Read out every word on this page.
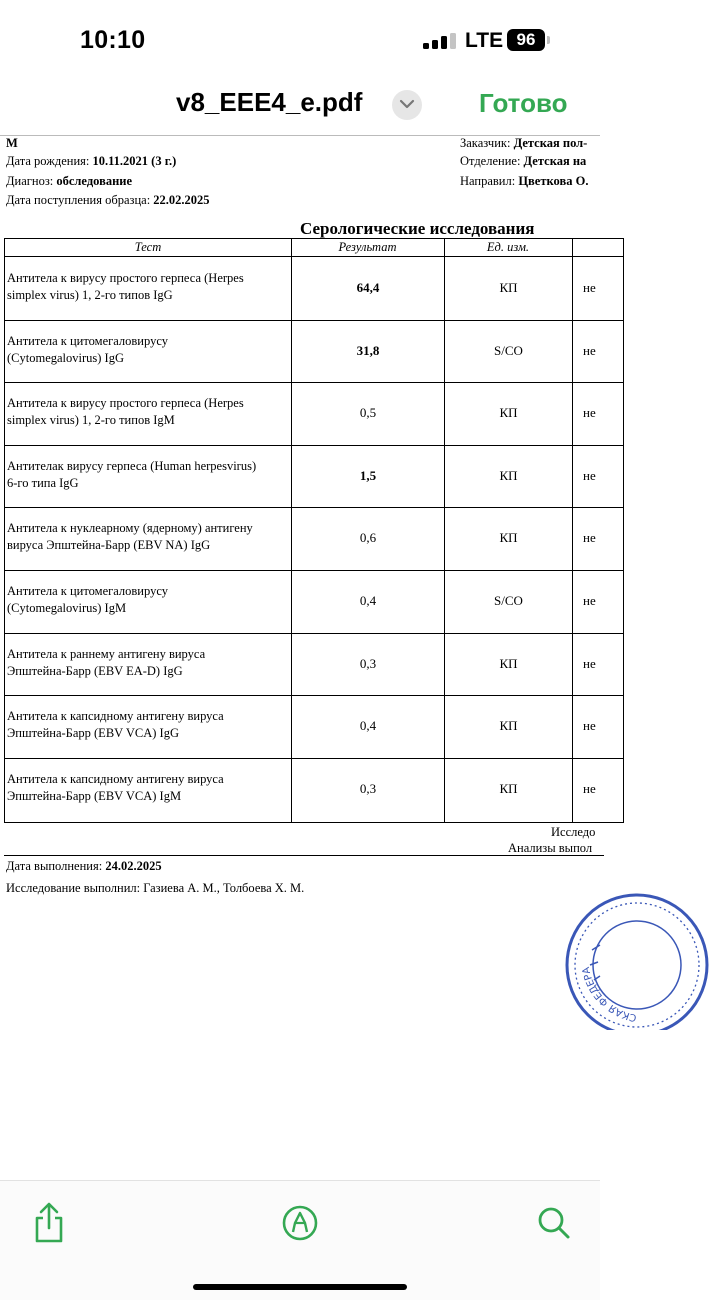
10:10	LTE 96
v8_EEE4_e.pdf	Готово
М
Дата рождения: 10.11.2021 (3 г.)
Диагноз: обследование
Дата поступления образца: 22.02.2025
Заказчик: Детская пол-
Отделение: Детская на
Направил: Цветкова О.
Серологические исследования
Тест	Результат	Ед. изм.
Антитела к вирусу простого герпеса (Herpes
simplex virus) 1, 2-го типов IgG	64,4	КП	не
Антитела к цитомегаловирусу
(Cytomegalovirus) IgG	31,8	S/CO	не
Антитела к вирусу простого герпеса (Herpes
simplex virus) 1, 2-го типов IgM	0,5	КП	не
Антителак вирусу герпеса (Human herpesvirus)
6-го типа IgG	1,5	КП	не
Антитела к нуклеарному (ядерному) антигену
вируса Эпштейна-Барр (EBV NA) IgG	0,6	КП	не
Антитела к цитомегаловирусу
(Cytomegalovirus) IgM	0,4	S/CO	не
Антитела к раннему антигену вируса
Эпштейна-Барр (EBV EA-D) IgG	0,3	КП	не
Антитела к капсидному антигену вируса
Эпштейна-Барр (EBV VCA) IgG	0,4	КП	не
Антитела к капсидному антигену вируса
Эпштейна-Барр (EBV VCA) IgM	0,3	КП	не
Исследо
Анализы выпол
Дата выполнения: 24.02.2025
Исследование выполнил: Газиева А. М., Толбоева Х. М.
СКАЯ ФЕДЕРА
